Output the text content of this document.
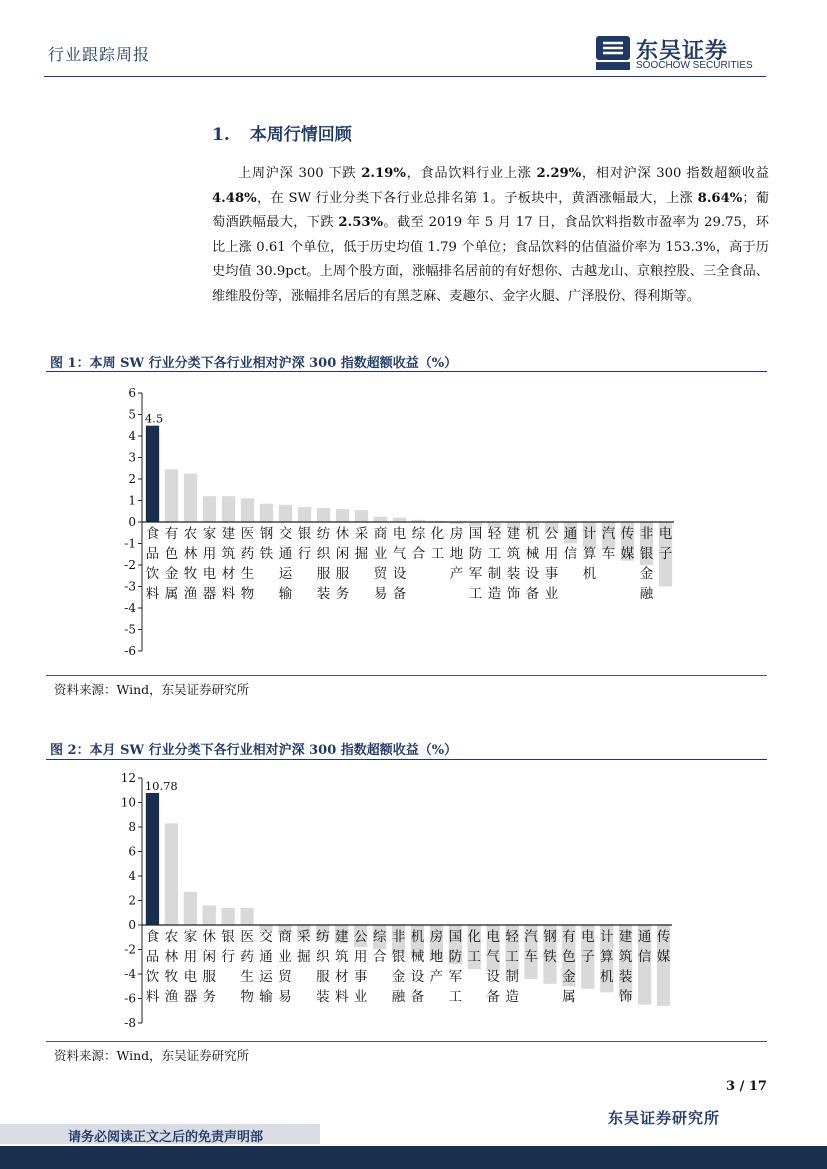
行业跟踪周报	东吴证券
SOOCHOW SECURITIES
1. 本周行情回顾

上周沪深 300 下跌 2.19%，食品饮料行业上涨 2.29%，相对沪深 300 指数超额收益 4.48%，在 SW 行业分类下各行业总排名第 1。子板块中，黄酒涨幅最大，上涨 8.64%；葡萄酒跌幅最大，下跌 2.53%。截至 2019 年 5 月 17 日，食品饮料指数市盈率为 29.75，环比上涨 0.61 个单位，低于历史均值 1.79 个单位；食品饮料的估值溢价率为 153.3%，高于历史均值 30.9pct。上周个股方面，涨幅排名居前的有好想你、古越龙山、京粮控股、三全食品、维维股份等，涨幅排名居后的有黑芝麻、麦趣尔、金字火腿、广泽股份、得利斯等。

图 1：本周 SW 行业分类下各行业相对沪深 300 指数超额收益（%）
6
5
4
3
2
1
0
-1
-2
-3
-4
-5
-6
食品饮料
有色金属
农林牧渔
家用电器
建筑材料
医药生物
钢铁
交通运输
银行
纺织服装
休闲服务
采掘
商业贸易
电气设备
综合
化工
房地产
国防军工
轻工制造
建筑装饰
机械设备
公用事业
通信
计算机
汽车
传媒
非银金融
电子
4.5
资料来源：Wind，东吴证券研究所
图 2：本月 SW 行业分类下各行业相对沪深 300 指数超额收益（%）
12
10
8
6
4
2
0
-2
-4
-6
-8
食品饮料
农林牧渔
家用电器
休闲服务
银行
医药生物
交通运输
商业贸易
采掘
纺织服装
建筑材料
公用事业
综合
非银金融
机械设备
房地产
国防军工
化工
电气设备
轻工制造
汽车
钢铁
有色金属
电子
计算机
建筑装饰
通信
传媒
10.78
资料来源：Wind，东吴证券研究所
3 / 17
东吴证券研究所
请务必阅读正文之后的免责声明部
